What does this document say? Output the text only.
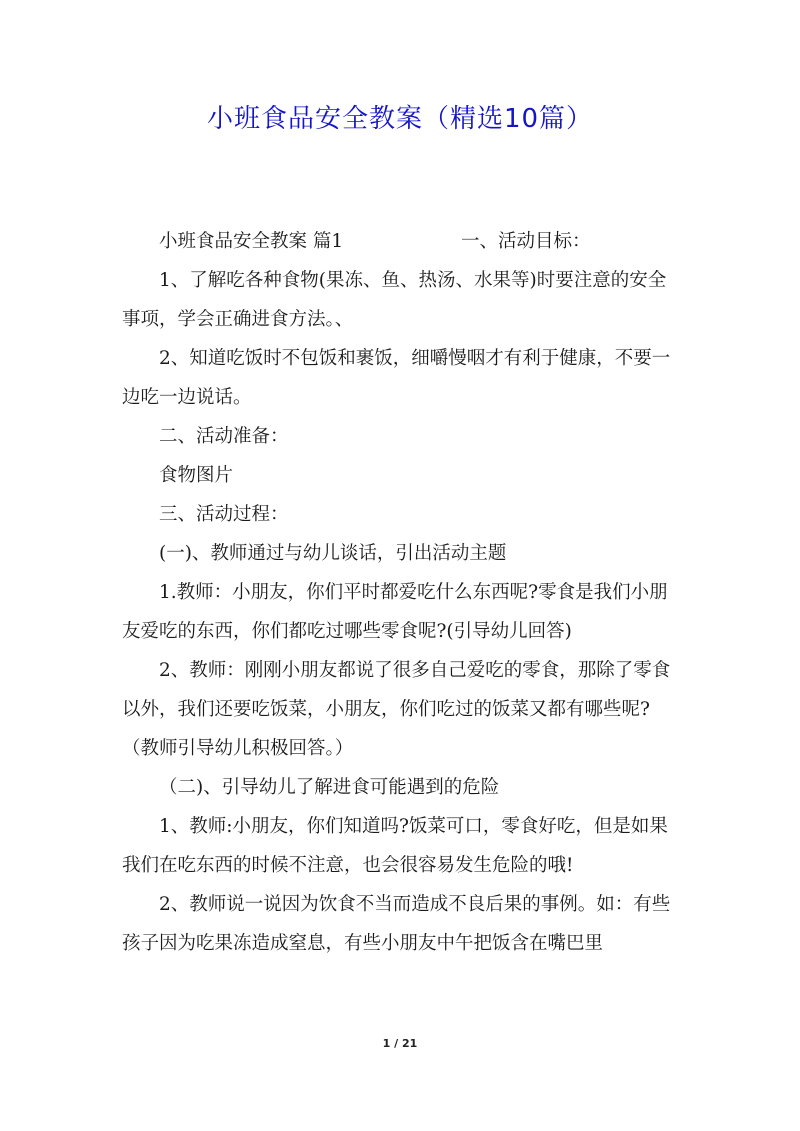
小班食品安全教案（精选10篇）
小班食品安全教案 篇1	一、活动目标：

1、了解吃各种食物(果冻、鱼、热汤、水果等)时要注意的安全事项，学会正确进食方法。、

2、知道吃饭时不包饭和裹饭，细嚼慢咽才有利于健康，不要一边吃一边说话。

二、活动准备：

食物图片

三、活动过程：

(一)、教师通过与幼儿谈话，引出活动主题

1.教师：小朋友，你们平时都爱吃什么东西呢?零食是我们小朋友爱吃的东西，你们都吃过哪些零食呢?(引导幼儿回答)

2、教师：刚刚小朋友都说了很多自己爱吃的零食，那除了零食以外，我们还要吃饭菜，小朋友，你们吃过的饭菜又都有哪些呢?（教师引导幼儿积极回答。）

（二)、引导幼儿了解进食可能遇到的危险

1、教师:小朋友，你们知道吗?饭菜可口，零食好吃，但是如果我们在吃东西的时候不注意，也会很容易发生危险的哦!

2、教师说一说因为饮食不当而造成不良后果的事例。如：有些孩子因为吃果冻造成窒息，有些小朋友中午把饭含在嘴巴里

1 / 21
